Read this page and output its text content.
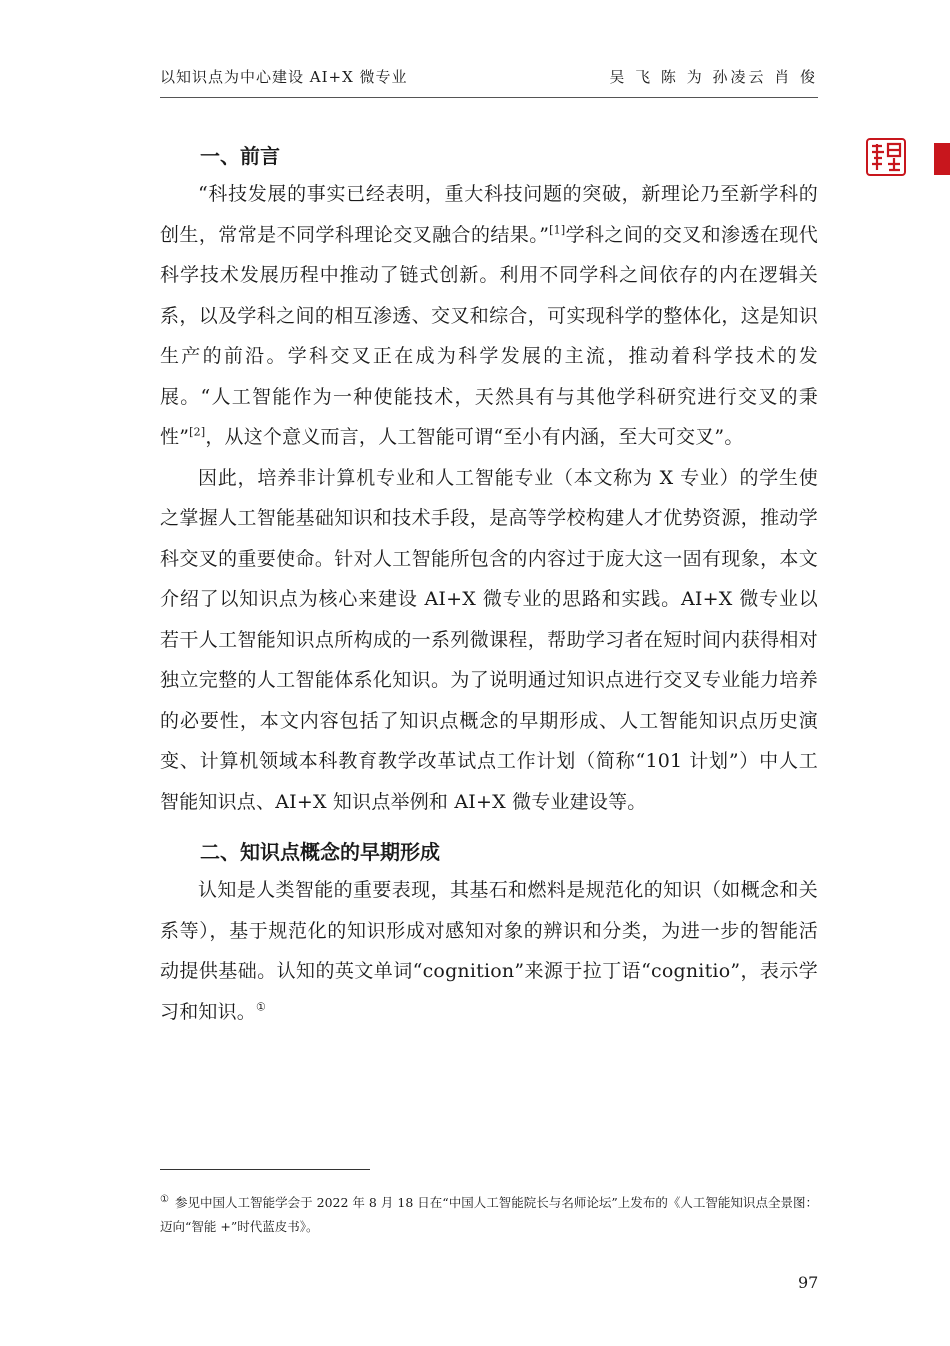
以知识点为中心建设 AI+X 微专业	吴 飞 陈 为 孙凌云 肖 俊
一、前言

“科技发展的事实已经表明，重大科技问题的突破，新理论乃至新学科的创生，常常是不同学科理论交叉融合的结果。”[1]学科之间的交叉和渗透在现代科学技术发展历程中推动了链式创新。利用不同学科之间依存的内在逻辑关系，以及学科之间的相互渗透、交叉和综合，可实现科学的整体化，这是知识生产的前沿。学科交叉正在成为科学发展的主流，推动着科学技术的发展。“人工智能作为一种使能技术，天然具有与其他学科研究进行交叉的秉性”[2]，从这个意义而言，人工智能可谓“至小有内涵，至大可交叉”。

因此，培养非计算机专业和人工智能专业（本文称为 X 专业）的学生使之掌握人工智能基础知识和技术手段，是高等学校构建人才优势资源，推动学科交叉的重要使命。针对人工智能所包含的内容过于庞大这一固有现象，本文介绍了以知识点为核心来建设 AI+X 微专业的思路和实践。AI+X 微专业以若干人工智能知识点所构成的一系列微课程，帮助学习者在短时间内获得相对独立完整的人工智能体系化知识。为了说明通过知识点进行交叉专业能力培养的必要性，本文内容包括了知识点概念的早期形成、人工智能知识点历史演变、计算机领域本科教育教学改革试点工作计划（简称“101 计划”）中人工智能知识点、AI+X 知识点举例和 AI+X 微专业建设等。

二、知识点概念的早期形成

认知是人类智能的重要表现，其基石和燃料是规范化的知识（如概念和关系等），基于规范化的知识形成对感知对象的辨识和分类，为进一步的智能活动提供基础。认知的英文单词“cognition”来源于拉丁语“cognitio”，表示学习和知识。①

① 参见中国人工智能学会于 2022 年 8 月 18 日在“中国人工智能院长与名师论坛”上发布的《人工智能知识点全景图：迈向“智能 +”时代蓝皮书》。
97
